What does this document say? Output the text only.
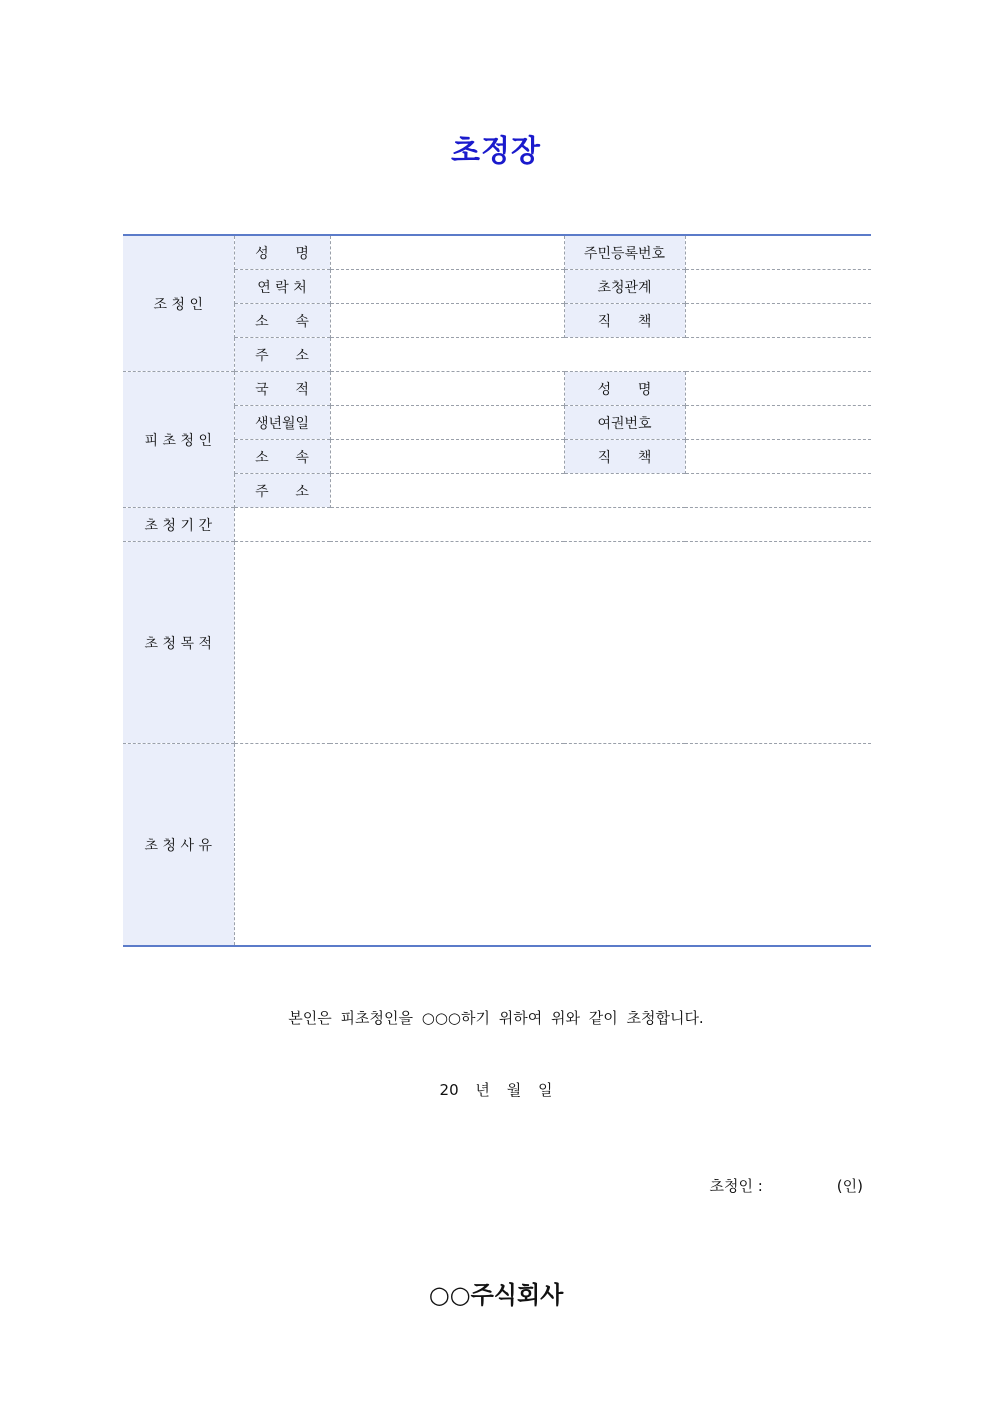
초정장
조 청 인	성      명		주민등록번호	
	연 락 처		초청관계	
	소      속		직      책	
	주      소			
피 초 청 인	국      적		성      명	
	생년월일		여권번호	
	소      속		직      책	
	주      소			
초 청 기 간				
초 청 목 적				
초 청 사 유				
본인은 피초청인을 ○○○하기 위하여 위와 같이 초청합니다.
20 년 월 일
초청인 :	(인)
○○주식회사
